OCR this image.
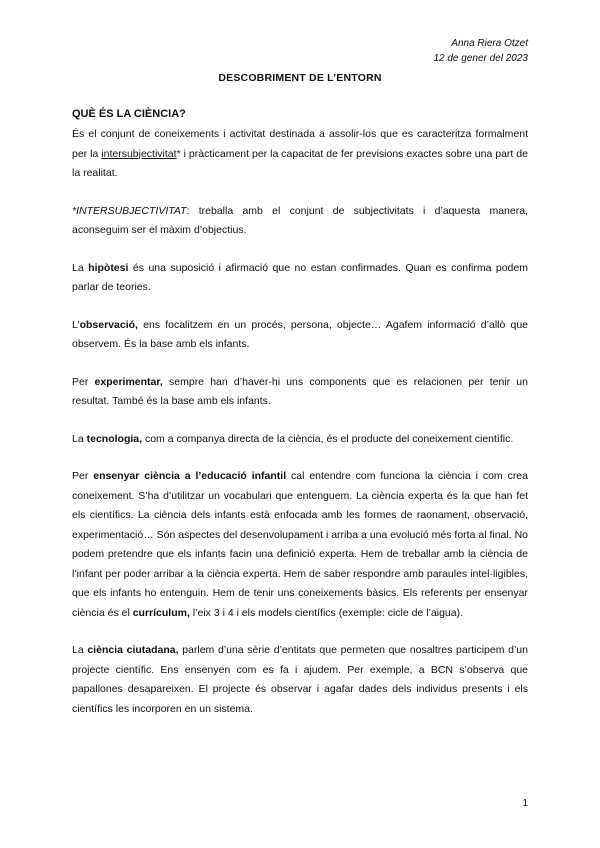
Anna Riera Otzet
12 de gener del 2023
DESCOBRIMENT DE L’ENTORN
QUÈ ÉS LA CIÈNCIA?

És el conjunt de coneixements i activitat destinada a assolir-los que es caracteritza formalment per la intersubjectivitat* i pràcticament per la capacitat de fer previsions exactes sobre una part de la realitat.

*INTERSUBJECTIVITAT: treballa amb el conjunt de subjectivitats i d’aquesta manera, aconseguim ser el màxim d’objectius.

La hipòtesi és una suposició i afirmació que no estan confirmades. Quan es confirma podem parlar de teories.

L’observació, ens focalitzem en un procés, persona, objecte… Agafem informació d’allò que observem. És la base amb els infants.

Per experimentar, sempre han d’haver-hi uns components que es relacionen per tenir un resultat. També és la base amb els infants.

La tecnologia, com a companya directa de la ciència, és el producte del coneixement científic.

Per ensenyar ciència a l’educació infantil cal entendre com funciona la ciència i com crea coneixement. S’ha d’utilitzar un vocabulari que entenguem. La ciència experta és la que han fet els científics. La ciència dels infants està enfocada amb les formes de raonament, observació, experimentació… Són aspectes del desenvolupament i arriba a una evolució més forta al final. No podem pretendre que els infants facin una definició experta. Hem de treballar amb la ciència de l’infant per poder arribar a la ciència experta. Hem de saber respondre amb paraules intel·ligibles, que els infants ho entenguin. Hem de tenir uns coneixements bàsics. Els referents per ensenyar ciència és el currículum, l’eix 3 i 4 i els models científics (exemple: cicle de l’aigua).

La ciència ciutadana, parlem d’una sèrie d’entitats que permeten que nosaltres participem d’un projecte científic. Ens ensenyen com es fa i ajudem. Per exemple, a BCN s’observa que papallones desapareixen. El projecte és observar i agafar dades dels individus presents i els científics les incorporen en un sistema.

1
